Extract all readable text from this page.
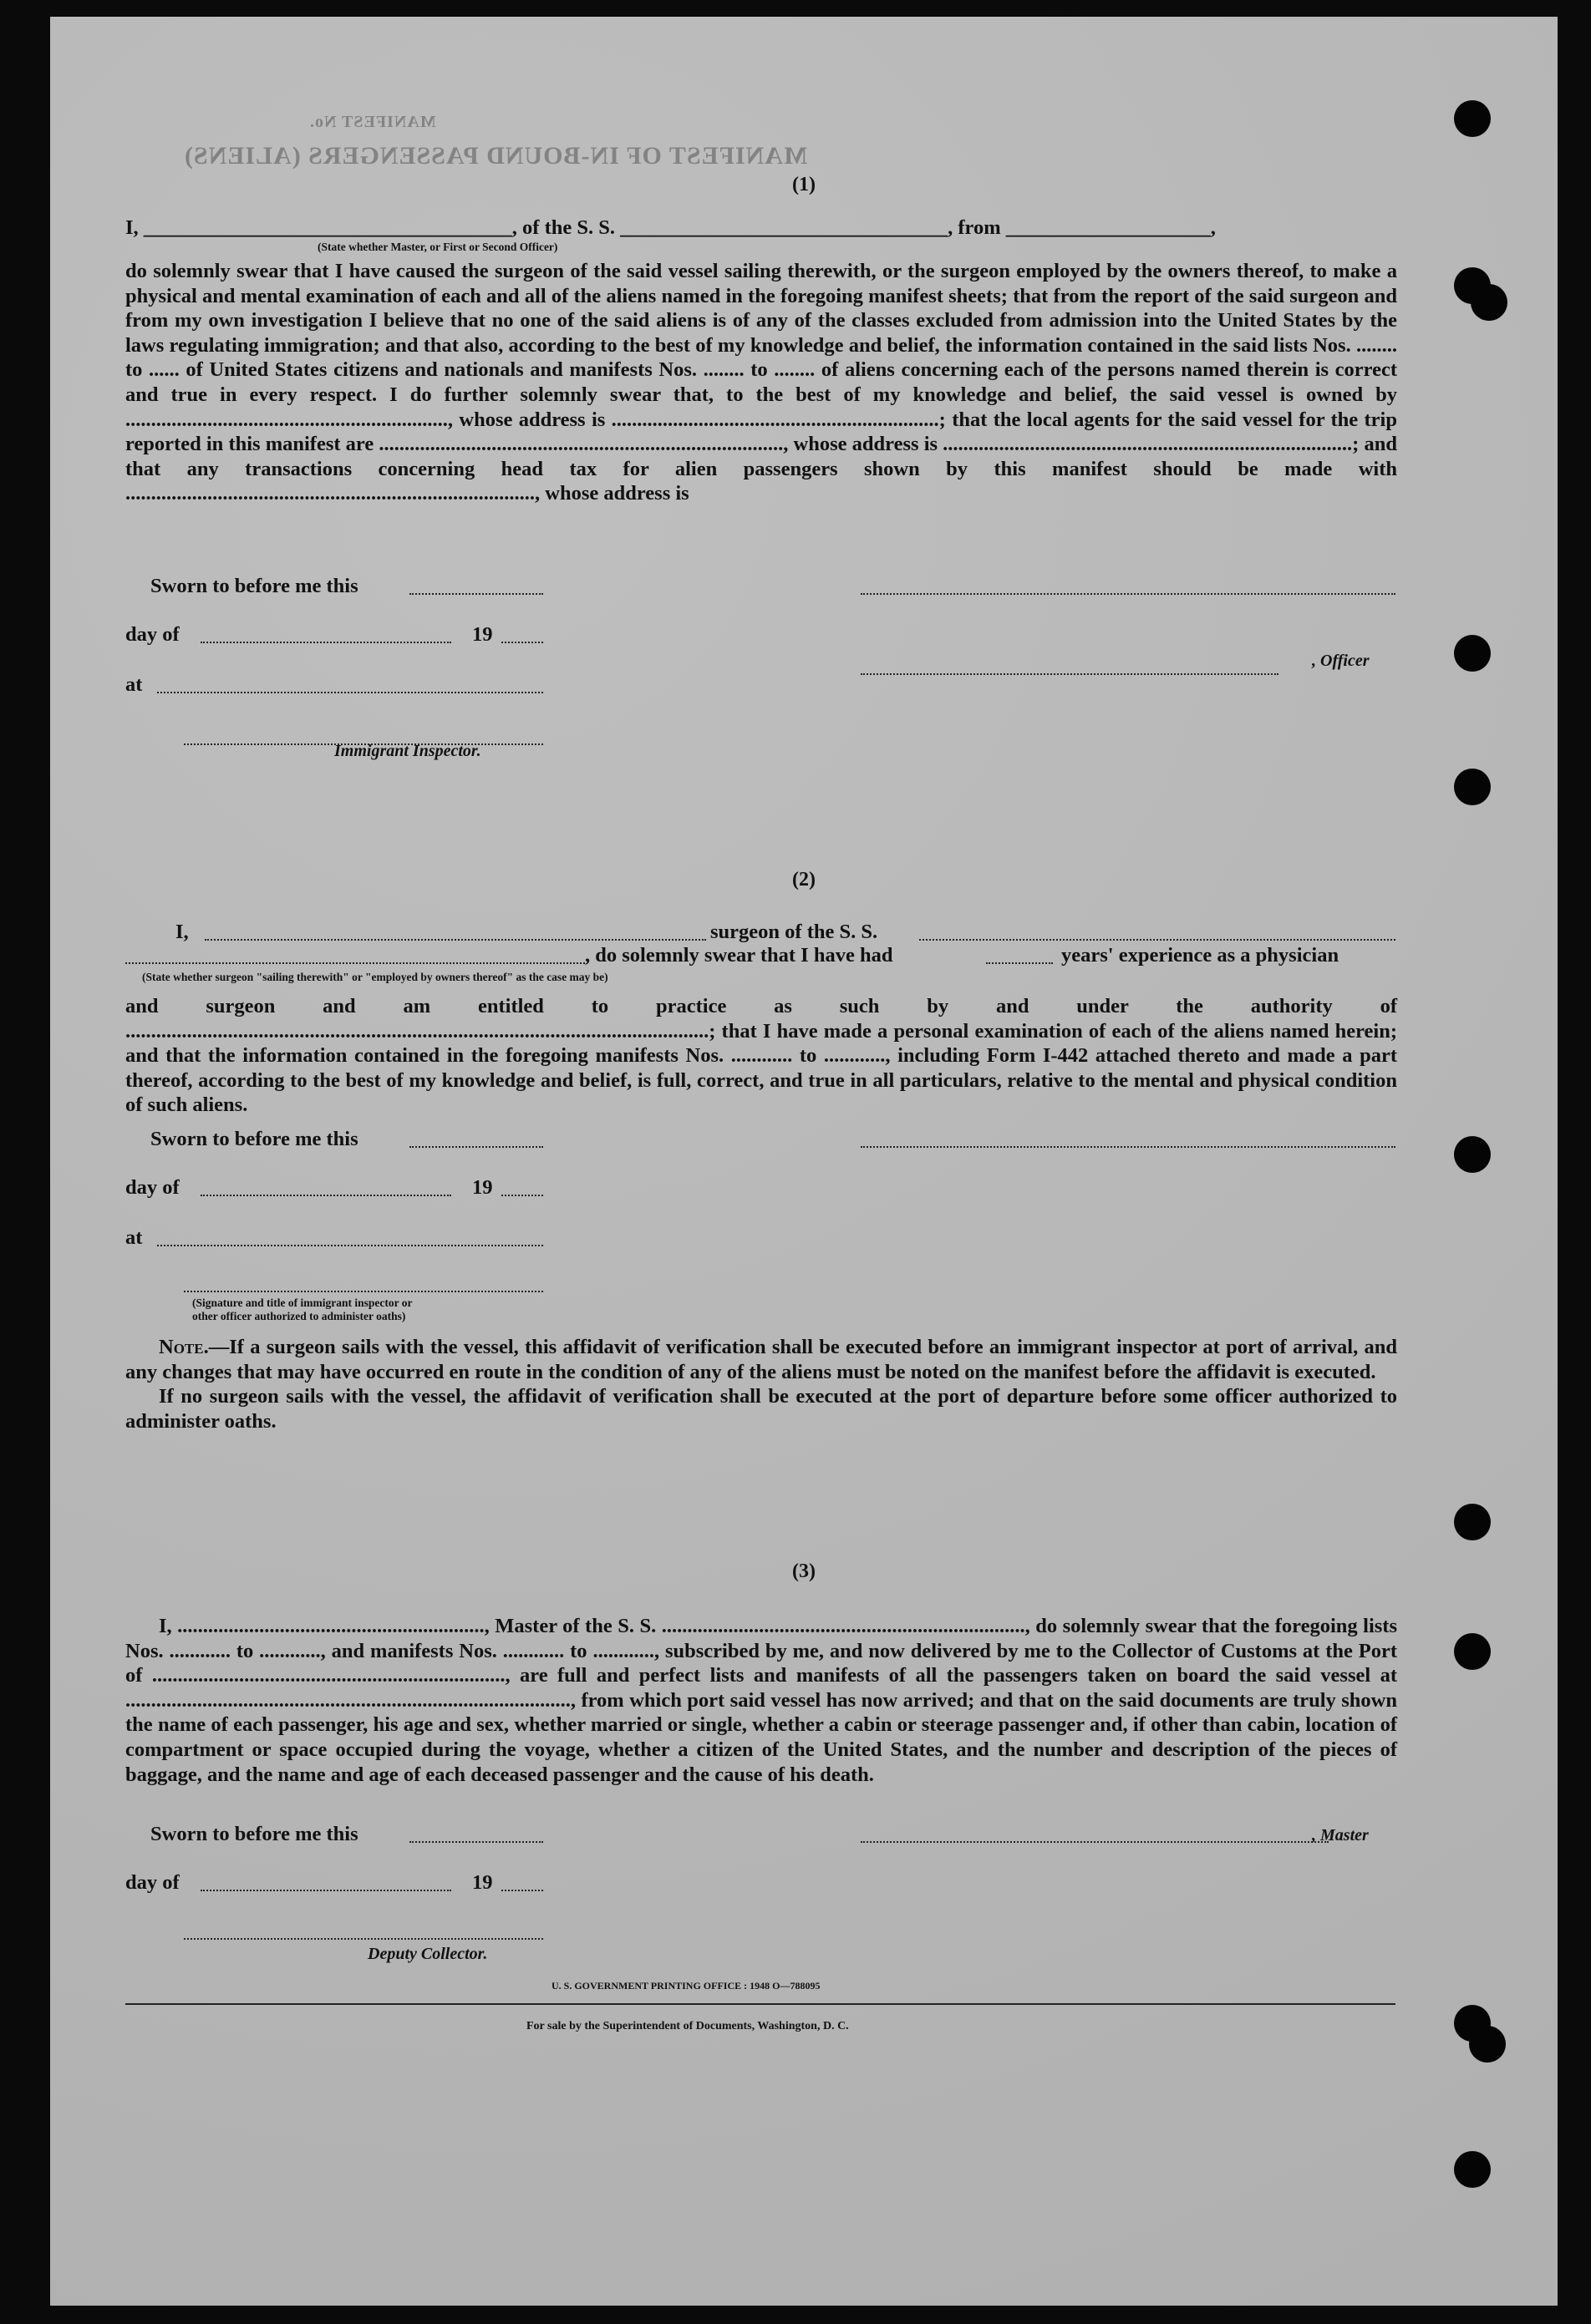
MANIFEST OF IN-BOUND PASSENGERS (ALIENS)
MANIFEST No.
(1)

I, ____________________________________, of the S. S. ________________________________, from ____________________,

(State whether Master, or First or Second Officer)

do solemnly swear that I have caused the surgeon of the said vessel sailing therewith, or the surgeon employed by the owners thereof, to make a physical and mental examination of each and all of the aliens named in the foregoing manifest sheets; that from the report of the said surgeon and from my own investigation I believe that no one of the said aliens is of any of the classes excluded from admission into the United States by the laws regulating immigration; and that also, according to the best of my knowledge and belief, the information contained in the said lists Nos. ........ to ...... of United States citizens and nationals and manifests Nos. ........ to ........ of aliens concerning each of the persons named therein is correct and true in every respect. I do further solemnly swear that, to the best of my knowledge and belief, the said vessel is owned by ..............................................................., whose address is ................................................................; that the local agents for the said vessel for the trip reported in this manifest are ..............................................................................., whose address is ................................................................................; and that any transactions concerning head tax for alien passengers shown by this manifest should be made with ................................................................................, whose address is

Sworn to before me this
day of	19
, Officer
at
Immigrant Inspector.
(2)
I,	surgeon of the S. S.
, do solemnly swear that I have had	years' experience as a physician
(State whether surgeon "sailing therewith" or "employed by owners thereof" as the case may be)

and surgeon and am entitled to practice as such by and under the authority of ..................................................................................................................; that I have made a personal examination of each of the aliens named herein; and that the information contained in the foregoing manifests Nos. ............ to ............, including Form I-442 attached thereto and made a part thereof, according to the best of my knowledge and belief, is full, correct, and true in all particulars, relative to the mental and physical condition of such aliens.

Sworn to before me this
day of	19
at
(Signature and title of immigrant inspector or
other officer authorized to administer oaths)

Note.—If a surgeon sails with the vessel, this affidavit of verification shall be executed before an immigrant inspector at port of arrival, and any changes that may have occurred en route in the condition of any of the aliens must be noted on the manifest before the affidavit is executed.

If no surgeon sails with the vessel, the affidavit of verification shall be executed at the port of departure before some officer authorized to administer oaths.

(3)

I, ............................................................, Master of the S. S. ......................................................................., do solemnly swear that the foregoing lists Nos. ............ to ............, and manifests Nos. ............ to ............, subscribed by me, and now delivered by me to the Collector of Customs at the Port of ....................................................................., are full and perfect lists and manifests of all the passengers taken on board the said vessel at ......................................................................................., from which port said vessel has now arrived; and that on the said documents are truly shown the name of each passenger, his age and sex, whether married or single, whether a cabin or steerage passenger and, if other than cabin, location of compartment or space occupied during the voyage, whether a citizen of the United States, and the number and description of the pieces of baggage, and the name and age of each deceased passenger and the cause of his death.

Sworn to before me this	, Master
day of	19
Deputy Collector.
U. S. GOVERNMENT PRINTING OFFICE : 1948 O—788095
For sale by the Superintendent of Documents, Washington, D. C.
